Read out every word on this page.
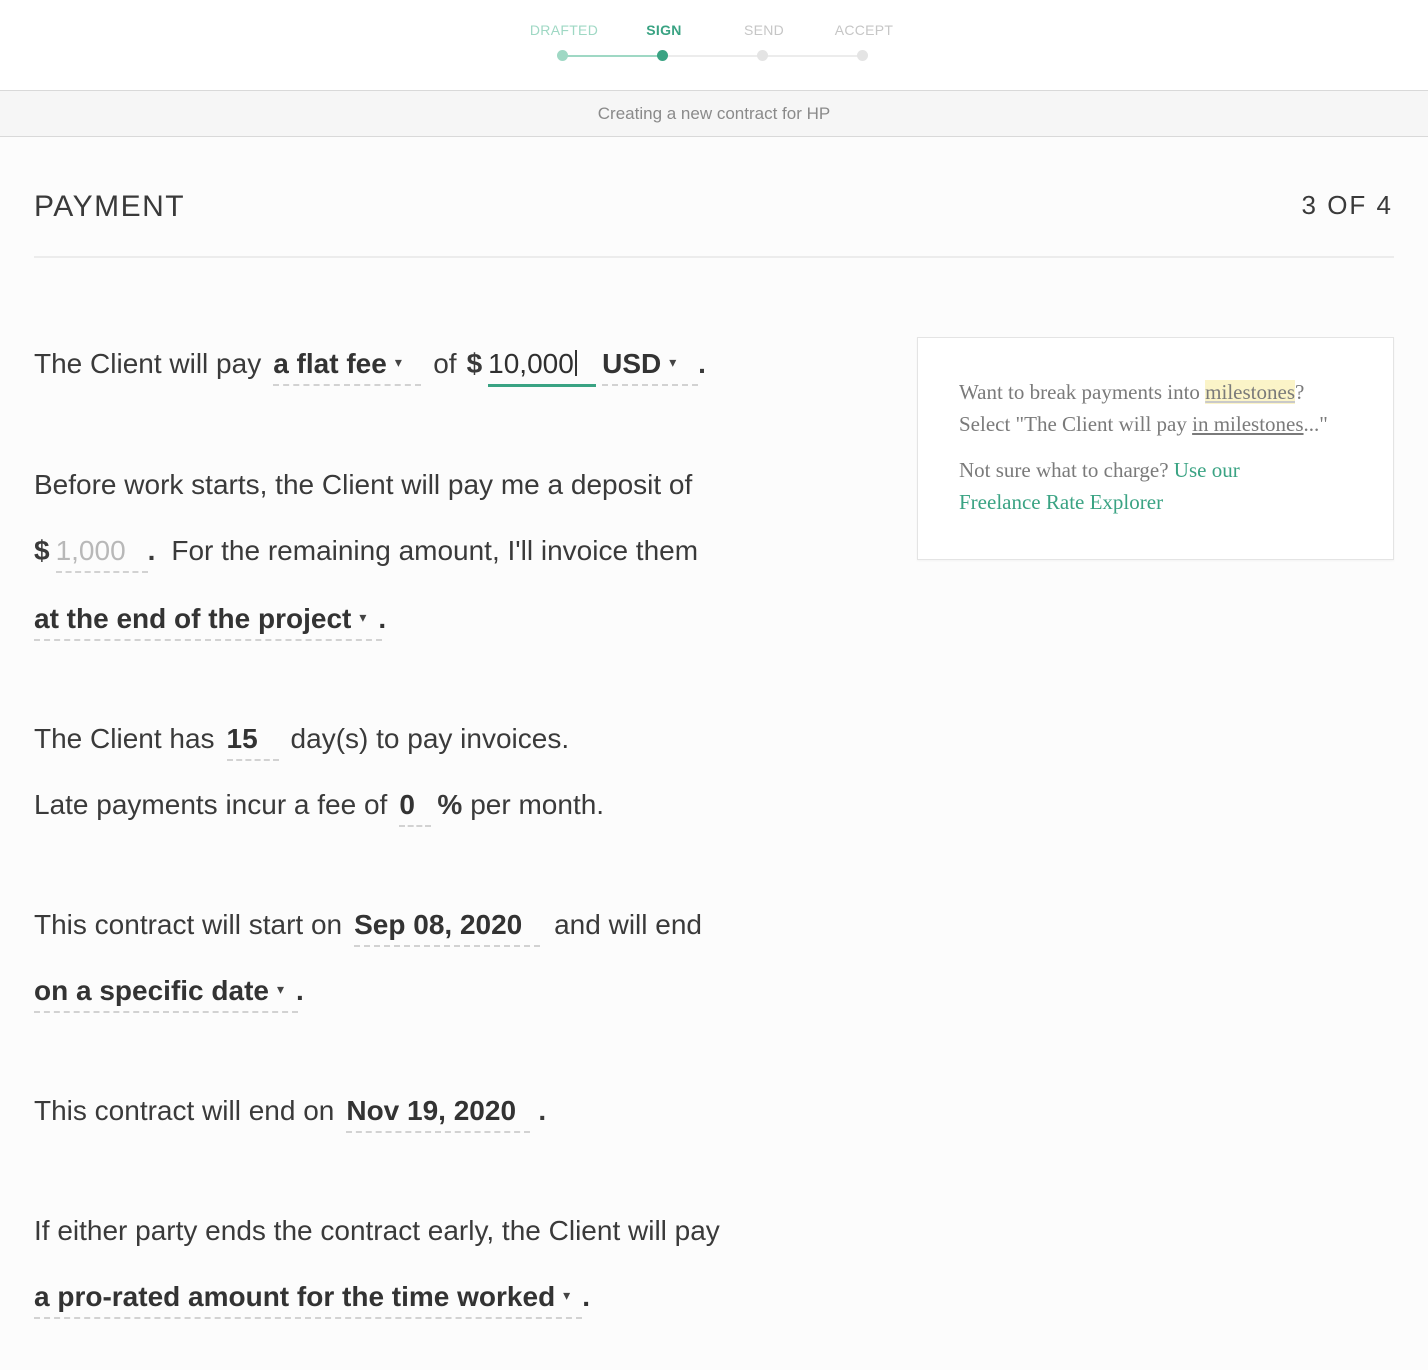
DRAFTED	SIGN	SEND	ACCEPT
Creating a new contract for HP
PAYMENT	3 OF 4
The Client will pay a flat fee ▾ of $ 10,000 USD ▾ .
Before work starts, the Client will pay me a deposit of
$ 1,000 . For the remaining amount, I'll invoice them
at the end of the project ▾ .
The Client has 15 day(s) to pay invoices.
Late payments incur a fee of 0 % per month.
This contract will start on Sep 08, 2020 and will end
on a specific date ▾ .
This contract will end on Nov 19, 2020 .
If either party ends the contract early, the Client will pay
a pro-rated amount for the time worked ▾ .

Want to break payments into milestones?
Select "The Client will pay in milestones..."

Not sure what to charge? Use our
Freelance Rate Explorer
